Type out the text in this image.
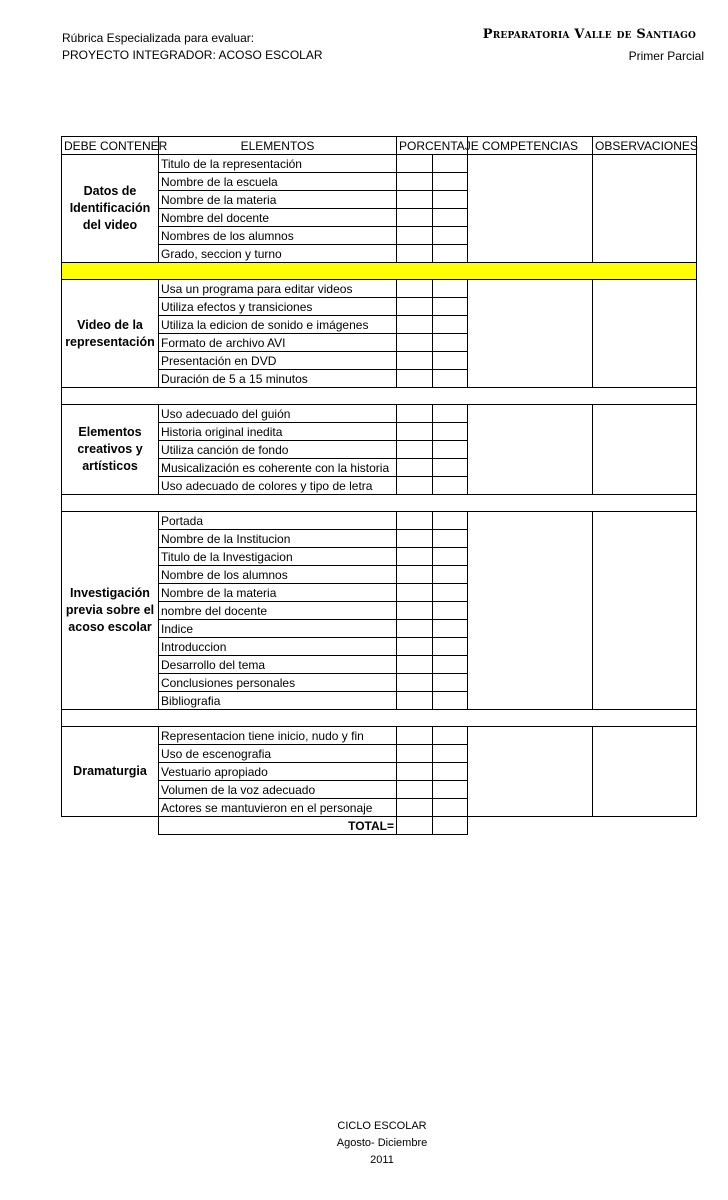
Rúbrica Especializada para evaluar:
PROYECTO INTEGRADOR: ACOSO ESCOLAR
Preparatoria Valle de Santiago
Primer Parcial
DEBE CONTENER	ELEMENTOS	PORCENTAJE		COMPETENCIAS	OBSERVACIONES
Datos de Identificación del video	Titulo de la representación				
	Nombre de la escuela				
	Nombre de la materia				
	Nombre del docente				
	Nombres de los alumnos				
	Grado, seccion y turno				

Video de la representación	Usa un programa para editar videos				
	Utiliza efectos y transiciones				
	Utiliza la edicion de sonido e imágenes				
	Formato de archivo AVI				
	Presentación en DVD				
	Duración de 5 a 15 minutos				

Elementos creativos y artísticos	Uso adecuado del guión				
	Historia original inedita				
	Utiliza canción de fondo				
	Musicalización es coherente con la historia				
	Uso adecuado de colores y tipo de letra				

Investigación previa sobre el acoso escolar	Portada				
	Nombre de la Institucion				
	Titulo de la Investigacion				
	Nombre de los alumnos				
	Nombre de la materia				
	nombre del docente				
	Indice				
	Introduccion				
	Desarrollo del tema				
	Conclusiones personales				
	Bibliografia				

Dramaturgia	Representacion tiene inicio, nudo y fin				
	Uso de escenografia				
	Vestuario apropiado				
	Volumen de la voz adecuado				
	Actores se mantuvieron en el personaje				
	TOTAL=				
CICLO ESCOLAR
Agosto- Diciembre
2011
